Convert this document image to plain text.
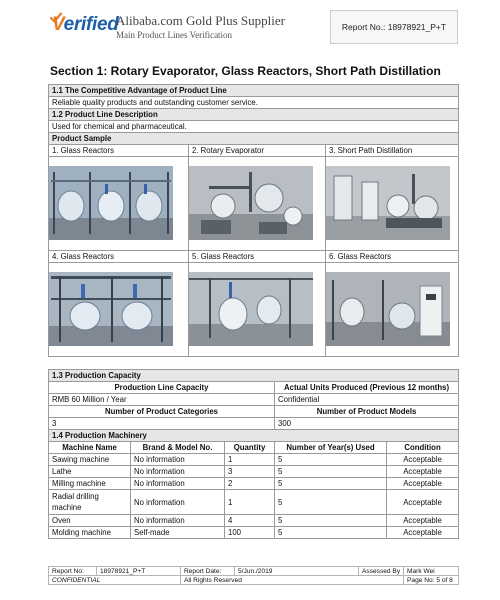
Verified
Alibaba.com Gold Plus Supplier
Main Product Lines Verification
Report No.: 18978921_P+T
Section 1: Rotary Evaporator, Glass Reactors, Short Path Distillation
1.1 The Competitive Advantage of Product Line		
Reliable quality products and outstanding customer service.		
1.2 Product Line Description		
Used for chemical and pharmaceutical.		
Product Sample		
1. Glass Reactors	2. Rotary Evaporator	3. Short Path Distillation

4. Glass Reactors	5. Glass Reactors	6. Glass Reactors

1.3 Production Capacity				
Production Line Capacity			Actual Units Produced (Previous 12 months)	
RMB 60 Million / Year			Confidential	
Number of Product Categories			Number of Product Models	
3			300	
1.4 Production Machinery				
Machine Name	Brand & Model No.	Quantity	Number of Year(s) Used	Condition
Sawing machine	No information	1	5	Acceptable
Lathe	No information	3	5	Acceptable
Milling machine	No information	2	5	Acceptable
Radial drilling machine	No information	1	5	Acceptable
Oven	No information	4	5	Acceptable
Molding machine	Self-made	100	5	Acceptable
Report No:	18978921_P+T	Report Date:	5/Jun./2019	Assessed By	Mark Wei
CONFIDENTIAL		All Rights Reserved			Page No: 5 of 8
